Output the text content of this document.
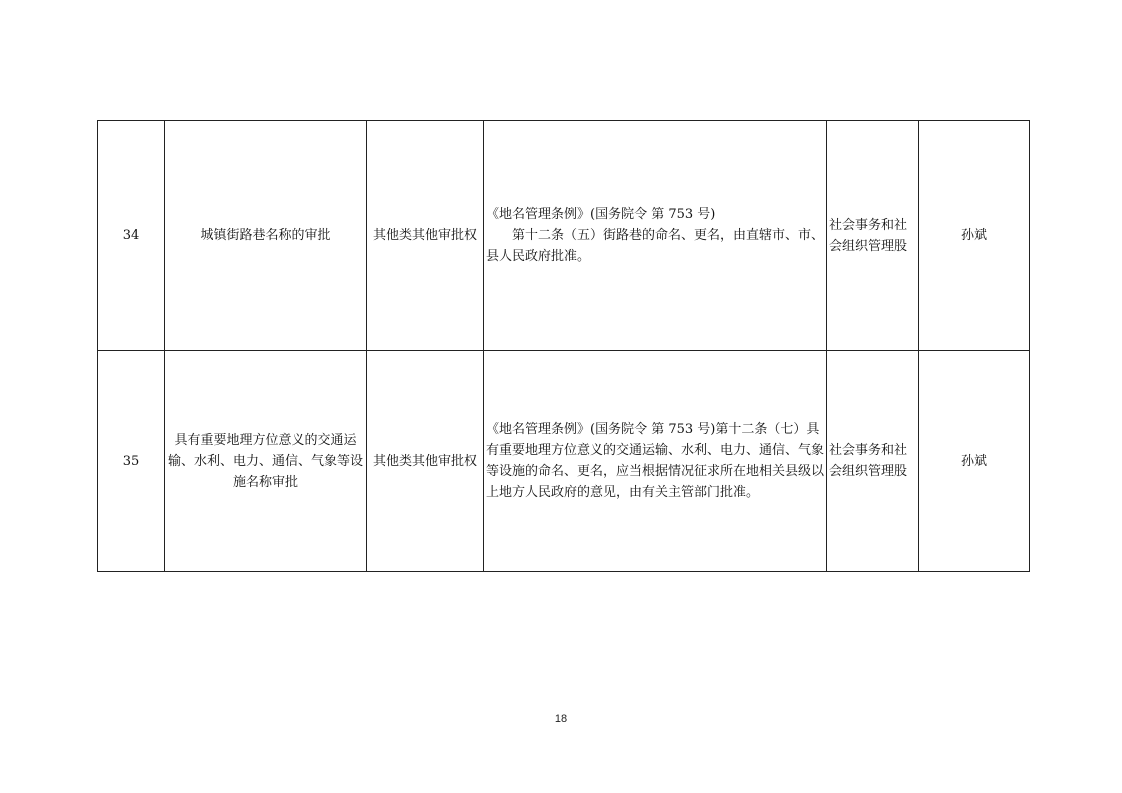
34	城镇街路巷名称的审批	其他类其他审批权	《地名管理条例》(国务院令 第 753 号)
第十二条（五）街路巷的命名、更名，由直辖市、市、县人民政府批准。	社会事务和社会组织管理股	孙斌
35	具有重要地理方位意义的交通运输、水利、电力、通信、气象等设施名称审批	其他类其他审批权	《地名管理条例》(国务院令 第 753 号)第十二条（七）具有重要地理方位意义的交通运输、水利、电力、通信、气象等设施的命名、更名，应当根据情况征求所在地相关县级以上地方人民政府的意见，由有关主管部门批准。	社会事务和社会组织管理股	孙斌
18
